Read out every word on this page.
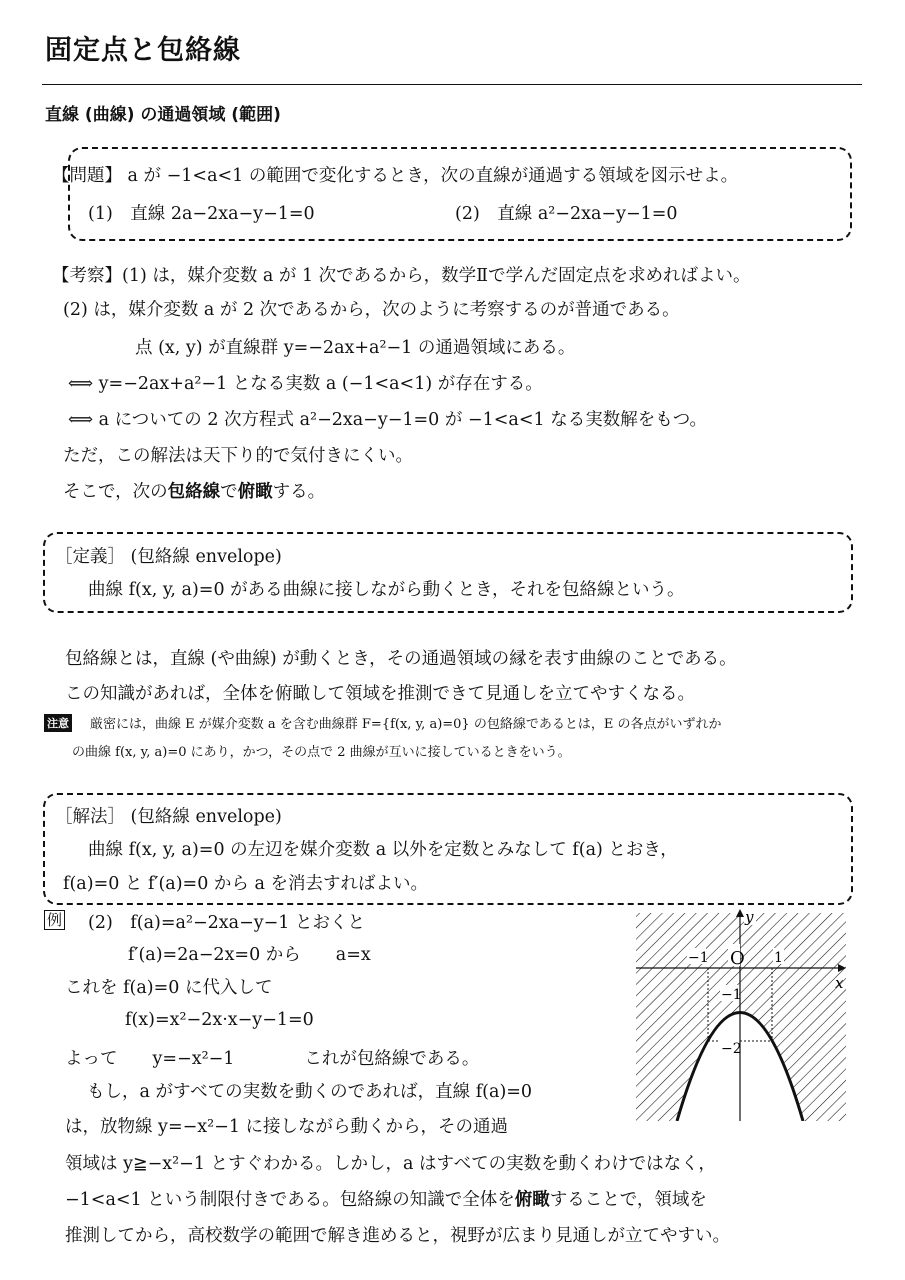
固定点と包絡線
直線 (曲線) の通過領域 (範囲)
【問題】 a が −1<a<1 の範囲で変化するとき，次の直線が通過する領域を図示せよ。
(1)　直線 2a−2xa−y−1=0	(2)　直線 a²−2xa−y−1=0
【考察】(1) は，媒介変数 a が 1 次であるから，数学Ⅱで学んだ固定点を求めればよい。
(2) は，媒介変数 a が 2 次であるから，次のように考察するのが普通である。
点 (x, y) が直線群 y=−2ax+a²−1 の通過領域にある。
⟺ y=−2ax+a²−1 となる実数 a (−1<a<1) が存在する。
⟺ a についての 2 次方程式 a²−2xa−y−1=0 が −1<a<1 なる実数解をもつ。
ただ，この解法は天下り的で気付きにくい。
そこで，次の包絡線で俯瞰する。
［定義］ (包絡線 envelope)
曲線 f(x, y, a)=0 がある曲線に接しながら動くとき，それを包絡線という。
包絡線とは，直線 (や曲線) が動くとき，その通過領域の縁を表す曲線のことである。
この知識があれば，全体を俯瞰して領域を推測できて見通しを立てやすくなる。
注意 厳密には，曲線 E が媒介変数 a を含む曲線群 F={f(x, y, a)=0} の包絡線であるとは，E の各点がいずれか
の曲線 f(x, y, a)=0 にあり，かつ，その点で 2 曲線が互いに接しているときをいう。
［解法］ (包絡線 envelope)
曲線 f(x, y, a)=0 の左辺を媒介変数 a 以外を定数とみなして f(a) とおき，
f(a)=0 と f′(a)=0 から a を消去すればよい。
例 (2)　f(a)=a²−2xa−y−1 とおくと
f′(a)=2a−2x=0 から　　a=x
これを f(a)=0 に代入して
f(x)=x²−2x·x−y−1=0
よって　　y=−x²−1　　　　これが包絡線である。
もし，a がすべての実数を動くのであれば，直線 f(a)=0
は，放物線 y=−x²−1 に接しながら動くから，その通過
領域は y≧−x²−1 とすぐわかる。しかし，a はすべての実数を動くわけではなく，
−1<a<1 という制限付きである。包絡線の知識で全体を俯瞰することで，領域を
推測してから，高校数学の範囲で解き進めると，視野が広まり見通しが立てやすい。
O
y
x
−1	1
−1
−2
